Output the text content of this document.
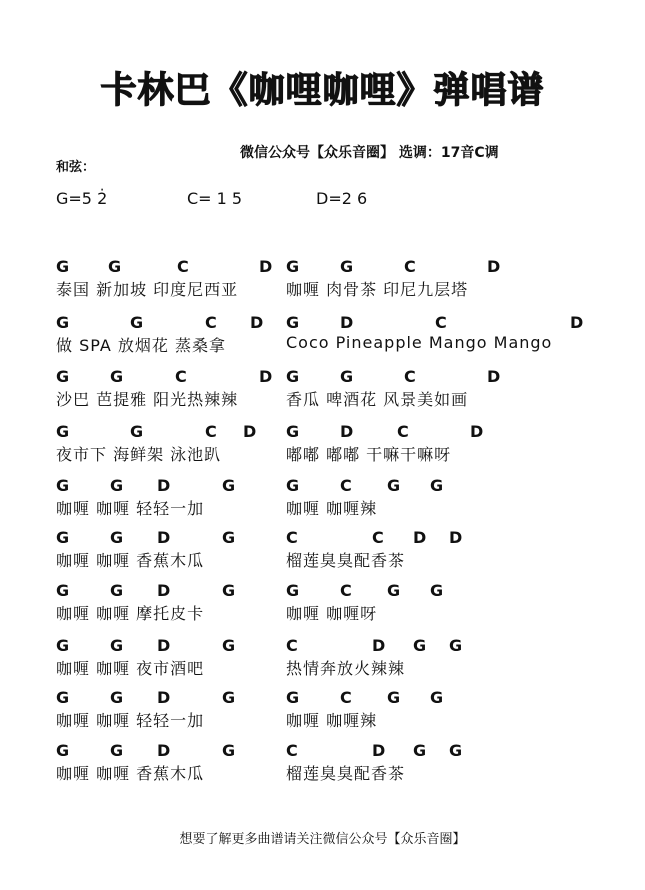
卡林巴《咖哩咖哩》弹唱谱
微信公众号【众乐音圈】 选调：17音C调
和弦：
G=5 2̇	C= 1 5	D=2 6
G G	C	D G	G	C	D
泰国 新加坡 印度尼西亚	咖喱 肉骨茶 印尼九层塔
G	G	C D G	D	C	D
做 SPA 放烟花 蒸桑拿	Coco Pineapple Mango Mango
G	G	C	D G	G	C	D
沙巴 芭提雅 阳光热辣辣	香瓜 啤酒花 风景美如画
G	G	C D G	D	C	D
夜市下 海鲜架 泳池趴	嘟嘟 嘟嘟 干嘛干嘛呀
G	G D	G	G	C G G
咖喱 咖喱 轻轻一加	咖喱 咖喱辣
G	G D	G	C	C D D
咖喱 咖喱 香蕉木瓜	榴莲臭臭配香茶
G	G D	G	G	C G G
咖喱 咖喱 摩托皮卡	咖喱 咖喱呀
G	G D	G	C	D G G
咖喱 咖喱 夜市酒吧	热情奔放火辣辣
G	G D	G	G	C G G
咖喱 咖喱 轻轻一加	咖喱 咖喱辣
G	G D	G	C	D G G
咖喱 咖喱 香蕉木瓜	榴莲臭臭配香茶
想要了解更多曲谱请关注微信公众号【众乐音圈】
